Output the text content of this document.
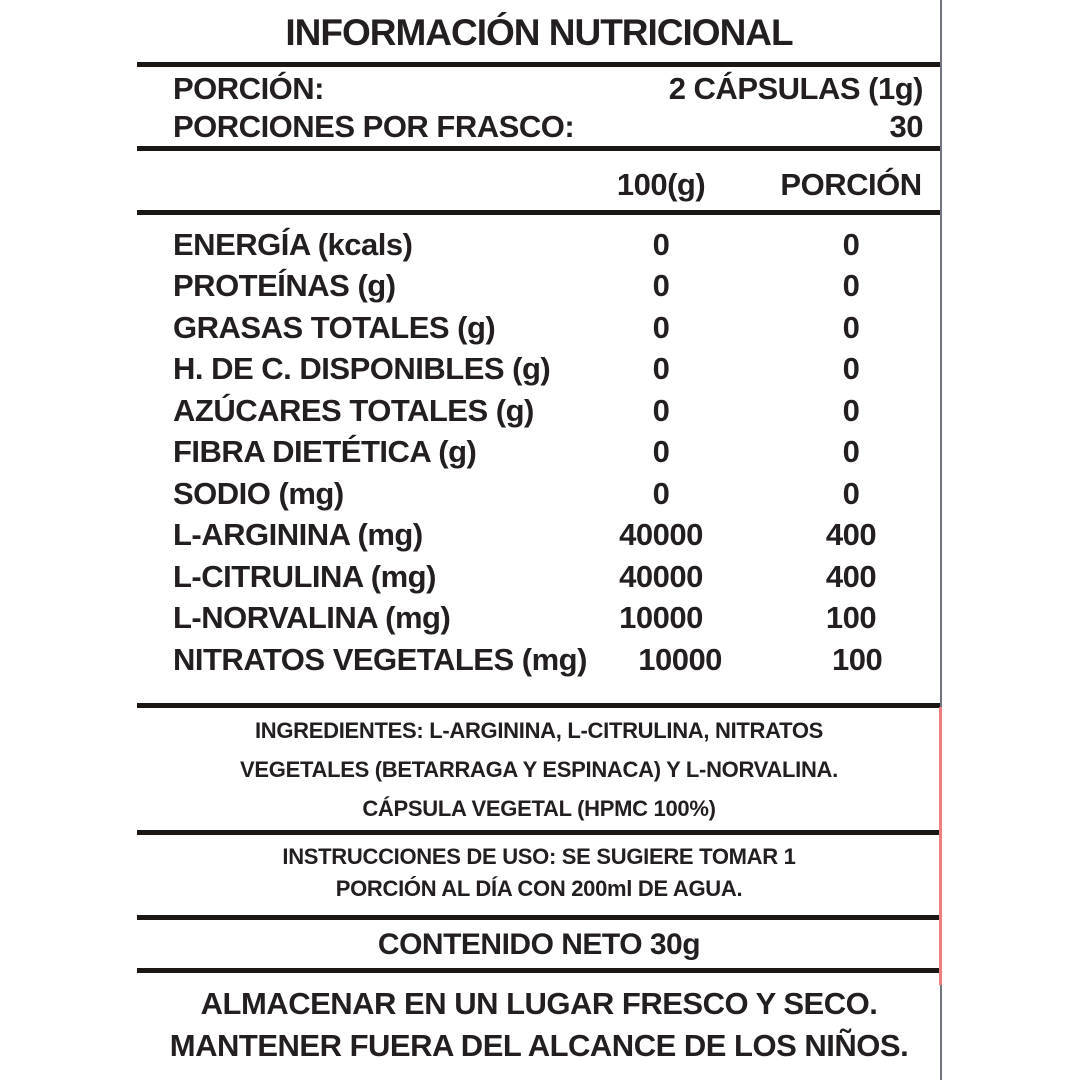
INFORMACIÓN NUTRICIONAL
PORCIÓN:	2 CÁPSULAS (1g)
PORCIONES POR FRASCO:	30
100(g)	PORCIÓN
ENERGÍA (kcals)	0	0
PROTEÍNAS (g)	0	0
GRASAS TOTALES (g)	0	0
H. DE C. DISPONIBLES (g)	0	0
AZÚCARES TOTALES (g)	0	0
FIBRA DIETÉTICA (g)	0	0
SODIO (mg)	0	0
L-ARGININA (mg)	40000	400
L-CITRULINA (mg)	40000	400
L-NORVALINA (mg)	10000	100
NITRATOS VEGETALES (mg)	10000	100
INGREDIENTES: L-ARGININA, L-CITRULINA, NITRATOS
VEGETALES (BETARRAGA Y ESPINACA) Y L-NORVALINA.
CÁPSULA VEGETAL (HPMC 100%)
INSTRUCCIONES DE USO: SE SUGIERE TOMAR 1
PORCIÓN AL DÍA CON 200ml DE AGUA.
CONTENIDO NETO 30g
ALMACENAR EN UN LUGAR FRESCO Y SECO.
MANTENER FUERA DEL ALCANCE DE LOS NIÑOS.
